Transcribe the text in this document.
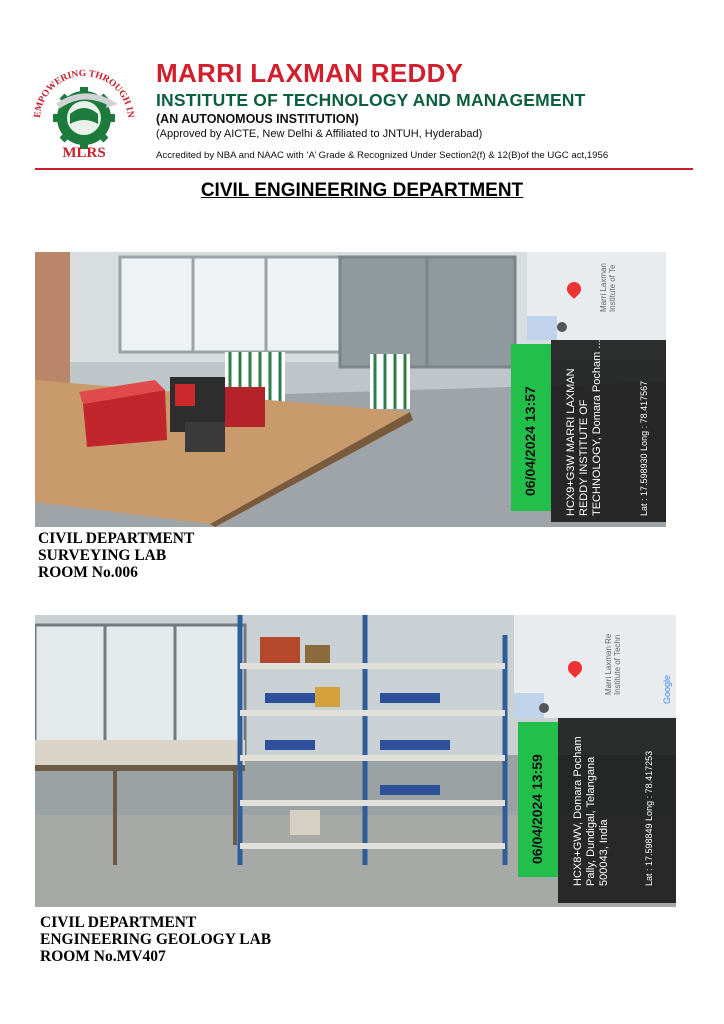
EMPOWERING THROUGH IN
MLRS
MARRI LAXMAN REDDY
INSTITUTE OF TECHNOLOGY AND MANAGEMENT
(AN AUTONOMOUS INSTITUTION)
(Approved by AICTE, New Delhi & Affiliated to JNTUH, Hyderabad)
Accredited by NBA and NAAC with ‘A’ Grade & Recognized Under Section2(f) & 12(B)of the UGC act,1956
CIVIL ENGINEERING DEPARTMENT
Marri Laxman Institute of Te
06/04/2024 13:57 HCX9+G3W MARRI LAXMAN REDDY INSTITUTE OF TECHNOLOGY, Domara Pocham ...	Lat : 17.598930 Long : 78.417567
CIVIL DEPARTMENT
SURVEYING LAB
ROOM No.006
Marri Laxman Re Institute of Techn	Google
06/04/2024 13:59 HCX8+GWV, Domara Pocham Pally, Dundigal, Telangana 500043, India	Lat : 17.598849 Long : 78.417253
CIVIL DEPARTMENT
ENGINEERING GEOLOGY LAB
ROOM No.MV407
